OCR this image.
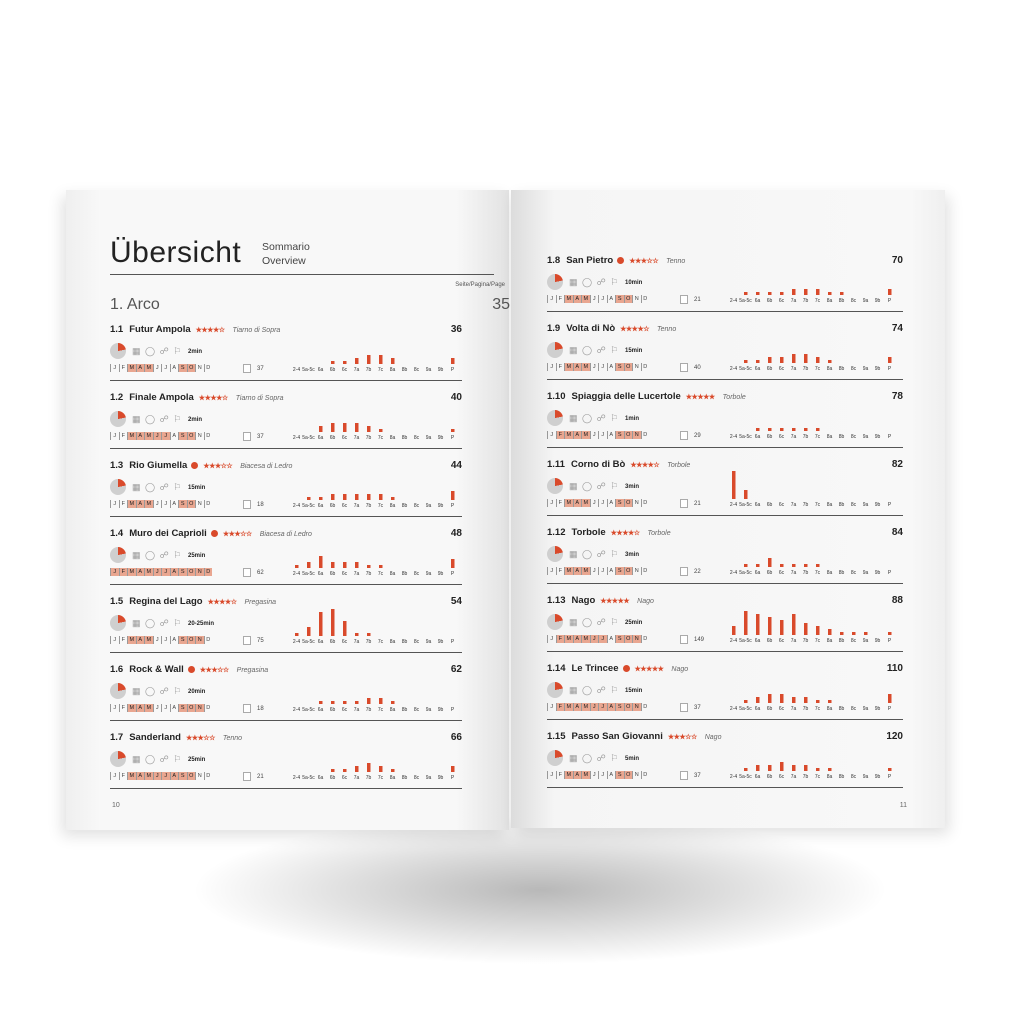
Übersicht	Sommario
Overview
Seite/Pagina/Page
1. Arco	35
1.1 Futur Ampola ★★★★☆ Tiarno di Sopra	36
▦ ◯ ☍ ⚐ 2min
J F M A M J	J A S O N D	37	2-4 5a-5c 6a 6b 6c 7a 7b 7c 8a 8b 8c 9a 9b P
1.2 Finale Ampola ★★★★☆ Tiarno di Sopra	40
▦ ◯ ☍ ⚐ 2min
J F M A M J	J A S O N D	37	2-4 5a-5c 6a 6b 6c 7a 7b 7c 8a 8b 8c 9a 9b P
1.3 Rio Giumella ★★★☆☆ Biacesa di Ledro	44
▦ ◯ ☍ ⚐ 15min
J F M A M J	J A S O N D	18	2-4 5a-5c 6a 6b 6c 7a 7b 7c 8a 8b 8c 9a 9b P
1.4 Muro dei Caprioli ★★★☆☆ Biacesa di Ledro	48
▦ ◯ ☍ ⚐ 25min
J F M A M J	J A S O N D	62	2-4 5a-5c 6a 6b 6c 7a 7b 7c 8a 8b 8c 9a 9b P
1.5 Regina del Lago ★★★★☆ Pregasina	54
▦ ◯ ☍ ⚐ 20-25min
J F M A M J	J A S O N D	75	2-4 5a-5c 6a 6b 6c 7a 7b 7c 8a 8b 8c 9a 9b P
1.6 Rock & Wall ★★★☆☆ Pregasina	62
▦ ◯ ☍ ⚐ 20min
J F M A M J	J A S O N D	18	2-4 5a-5c 6a 6b 6c 7a 7b 7c 8a 8b 8c 9a 9b P
1.7 Sanderland ★★★☆☆ Tenno	66
▦ ◯ ☍ ⚐ 25min
J F M A M J	J A S O N D	21	2-4 5a-5c 6a 6b 6c 7a 7b 7c 8a 8b 8c 9a 9b P
10
1.8 San Pietro ★★★☆☆ Tenno	70
▦ ◯ ☍ ⚐ 10min
J F M A M J	J A S O N D	21	2-4 5a-5c 6a 6b 6c 7a 7b 7c 8a 8b 8c 9a 9b P
1.9 Volta di Nò ★★★★☆ Tenno	74
▦ ◯ ☍ ⚐ 15min
J F M A M J	J A S O N D	40	2-4 5a-5c 6a 6b 6c 7a 7b 7c 8a 8b 8c 9a 9b P
1.10 Spiaggia delle Lucertole ★★★★★ Torbole	78
▦ ◯ ☍ ⚐ 1min
J F M A M J	J A S O N D	29	2-4 5a-5c 6a 6b 6c 7a 7b 7c 8a 8b 8c 9a 9b P
1.11 Corno di Bò ★★★★☆ Torbole	82
▦ ◯ ☍ ⚐ 3min
J F M A M J	J A S O N D	21	2-4 5a-5c 6a 6b 6c 7a 7b 7c 8a 8b 8c 9a 9b P
1.12 Torbole ★★★★☆ Torbole	84
▦ ◯ ☍ ⚐ 3min
J F M A M J	J A S O N D	22	2-4 5a-5c 6a 6b 6c 7a 7b 7c 8a 8b 8c 9a 9b P
1.13 Nago ★★★★★ Nago	88
▦ ◯ ☍ ⚐ 25min
J F M A M J	J A S O N D	149	2-4 5a-5c 6a 6b 6c 7a 7b 7c 8a 8b 8c 9a 9b P
1.14 Le Trincee ★★★★★ Nago	110
▦ ◯ ☍ ⚐ 15min
J F M A M J	J A S O N D	37	2-4 5a-5c 6a 6b 6c 7a 7b 7c 8a 8b 8c 9a 9b P
1.15 Passo San Giovanni ★★★☆☆ Nago	120
▦ ◯ ☍ ⚐ 5min
J F M A M J	J A S O N D	37	2-4 5a-5c 6a 6b 6c 7a 7b 7c 8a 8b 8c 9a 9b P
11
